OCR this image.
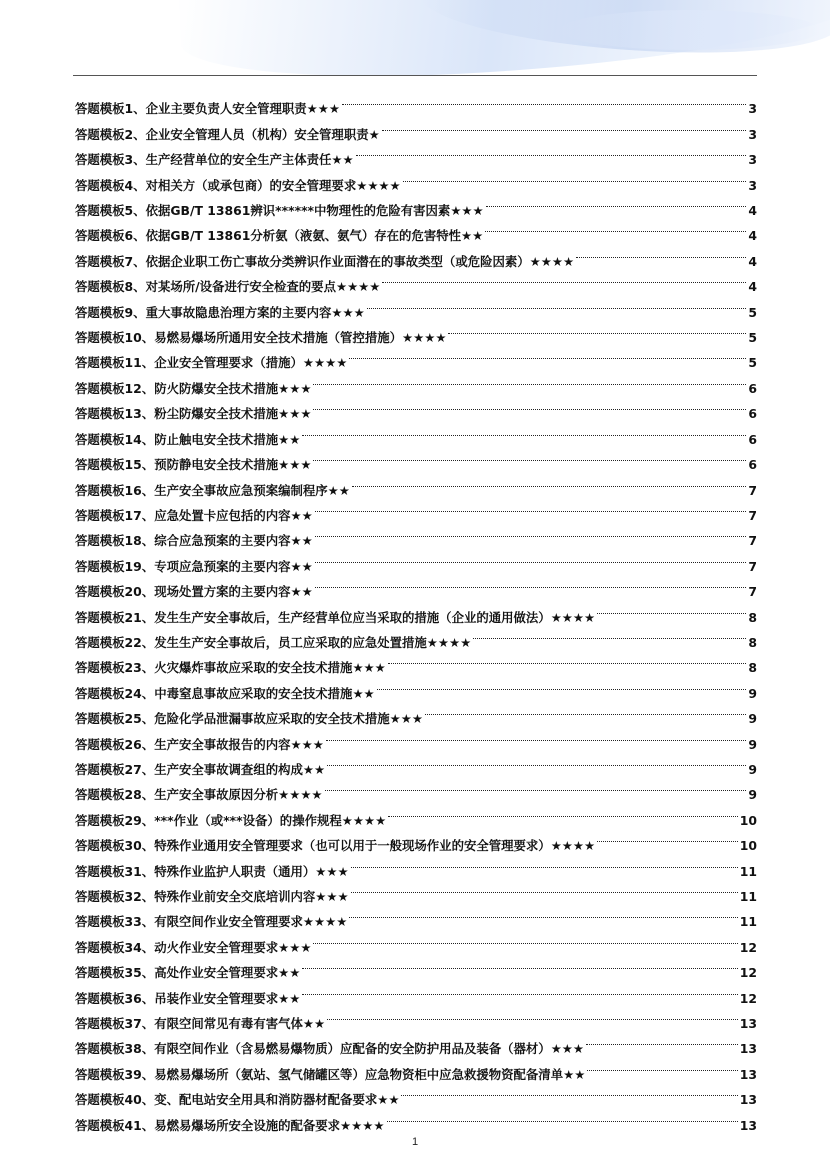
答题模板1、企业主要负责人安全管理职责★★★	3
答题模板2、企业安全管理人员（机构）安全管理职责★	3
答题模板3、生产经营单位的安全生产主体责任★★	3
答题模板4、对相关方（或承包商）的安全管理要求★★★★	3
答题模板5、依据GB/T 13861辨识******中物理性的危险有害因素★★★	4
答题模板6、依据GB/T 13861分析氨（液氨、氨气）存在的危害特性★★	4
答题模板7、依据企业职工伤亡事故分类辨识作业面潜在的事故类型（或危险因素）★★★★	4
答题模板8、对某场所/设备进行安全检查的要点★★★★	4
答题模板9、重大事故隐患治理方案的主要内容★★★	5
答题模板10、易燃易爆场所通用安全技术措施（管控措施）★★★★	5
答题模板11、企业安全管理要求（措施）★★★★	5
答题模板12、防火防爆安全技术措施★★★	6
答题模板13、粉尘防爆安全技术措施★★★	6
答题模板14、防止触电安全技术措施★★	6
答题模板15、预防静电安全技术措施★★★	6
答题模板16、生产安全事故应急预案编制程序★★	7
答题模板17、应急处置卡应包括的内容★★	7
答题模板18、综合应急预案的主要内容★★	7
答题模板19、专项应急预案的主要内容★★	7
答题模板20、现场处置方案的主要内容★★	7
答题模板21、发生生产安全事故后，生产经营单位应当采取的措施（企业的通用做法）★★★★	8
答题模板22、发生生产安全事故后，员工应采取的应急处置措施★★★★	8
答题模板23、火灾爆炸事故应采取的安全技术措施★★★	8
答题模板24、中毒窒息事故应采取的安全技术措施★★	9
答题模板25、危险化学品泄漏事故应采取的安全技术措施★★★	9
答题模板26、生产安全事故报告的内容★★★	9
答题模板27、生产安全事故调查组的构成★★	9
答题模板28、生产安全事故原因分析★★★★	9
答题模板29、***作业（或***设备）的操作规程★★★★	10
答题模板30、特殊作业通用安全管理要求（也可以用于一般现场作业的安全管理要求）★★★★	10
答题模板31、特殊作业监护人职责（通用）★★★	11
答题模板32、特殊作业前安全交底培训内容★★★	11
答题模板33、有限空间作业安全管理要求★★★★	11
答题模板34、动火作业安全管理要求★★★	12
答题模板35、高处作业安全管理要求★★	12
答题模板36、吊装作业安全管理要求★★	12
答题模板37、有限空间常见有毒有害气体★★	13
答题模板38、有限空间作业（含易燃易爆物质）应配备的安全防护用品及装备（器材）★★★	13
答题模板39、易燃易爆场所（氨站、氢气储罐区等）应急物资柜中应急救援物资配备清单★★	13
答题模板40、变、配电站安全用具和消防器材配备要求★★	13
答题模板41、易燃易爆场所安全设施的配备要求★★★★	13
1
